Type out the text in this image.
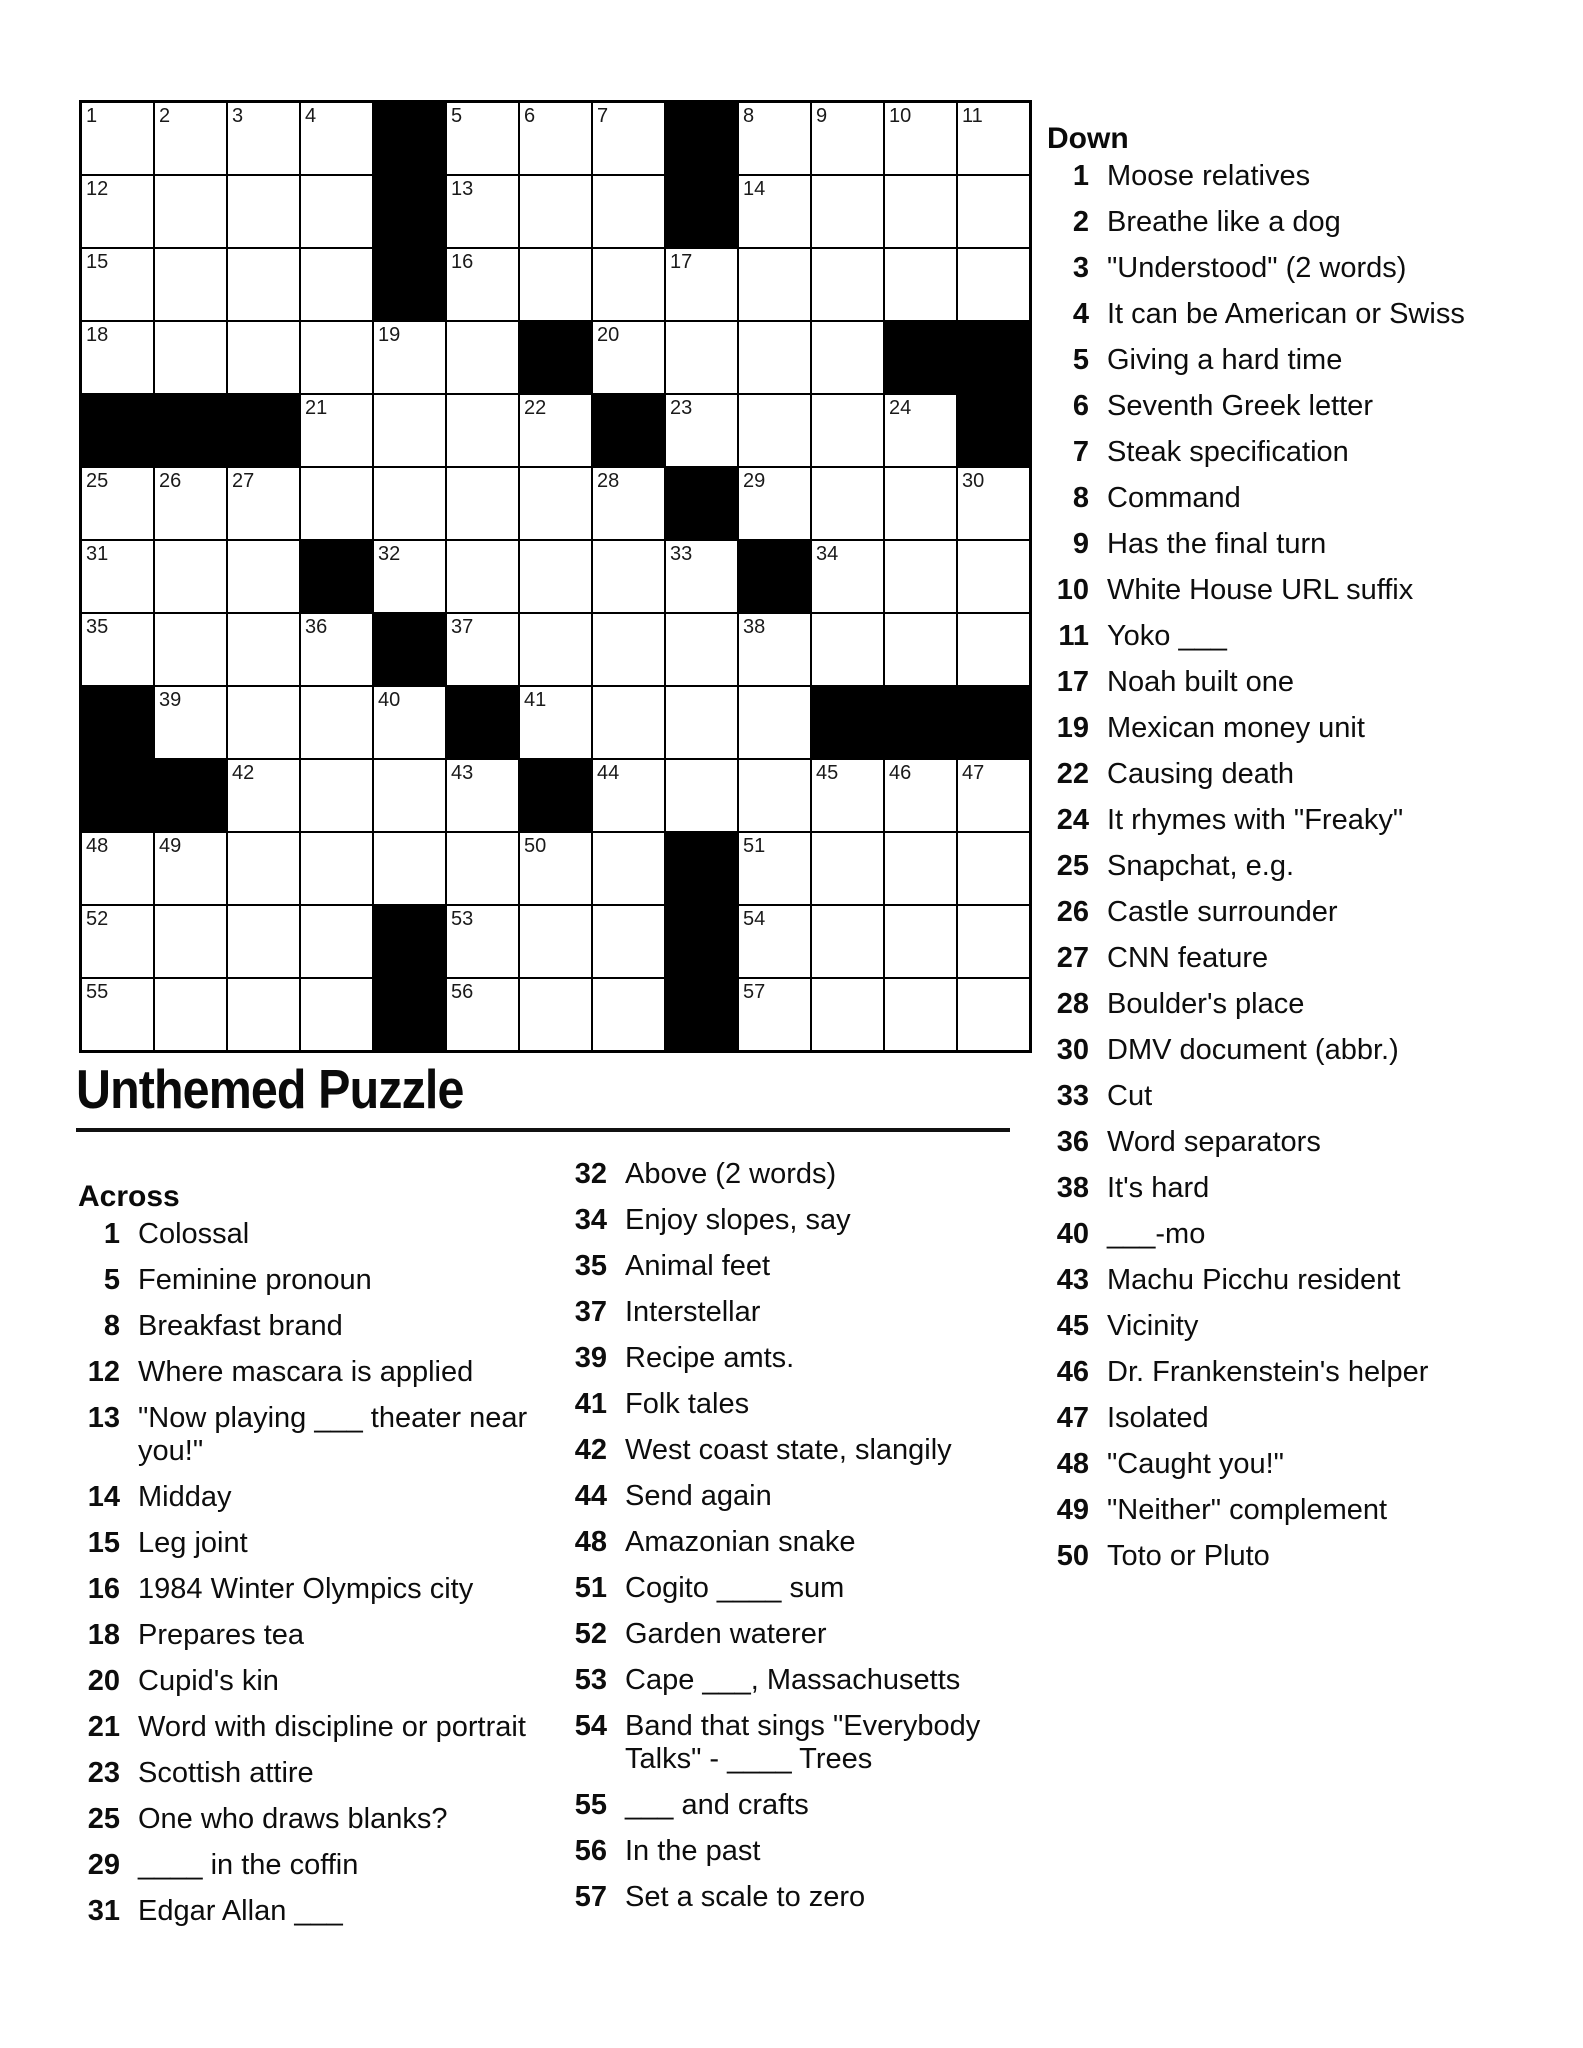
1	2	3	4	5	6	7	8	9	10	11
12	13	14
15	16	17
18	19	20
21	22	23	24
25	26	27	28	29	30
31	32	33	34
35	36	37	38
39	40	41
42	43	44	45	46	47
48	49	50	51
52	53	54
55	56	57
Unthemed Puzzle
Across
1 Colossal
5 Feminine pronoun
8 Breakfast brand
12 Where mascara is applied
13 "Now playing ___ theater near you!"
14 Midday
15 Leg joint
16 1984 Winter Olympics city
18 Prepares tea
20 Cupid's kin
21 Word with discipline or portrait
23 Scottish attire
25 One who draws blanks?
29 ____ in the coffin
31 Edgar Allan ___
32 Above (2 words)
34 Enjoy slopes, say
35 Animal feet
37 Interstellar
39 Recipe amts.
41 Folk tales
42 West coast state, slangily
44 Send again
48 Amazonian snake
51 Cogito ____ sum
52 Garden waterer
53 Cape ___, Massachusetts
54 Band that sings "Everybody Talks" - ____ Trees
55 ___ and crafts
56 In the past
57 Set a scale to zero
Down
1 Moose relatives
2 Breathe like a dog
3 "Understood" (2 words)
4 It can be American or Swiss
5 Giving a hard time
6 Seventh Greek letter
7 Steak specification
8 Command
9 Has the final turn
10 White House URL suffix
11 Yoko ___
17 Noah built one
19 Mexican money unit
22 Causing death
24 It rhymes with "Freaky"
25 Snapchat, e.g.
26 Castle surrounder
27 CNN feature
28 Boulder's place
30 DMV document (abbr.)
33 Cut
36 Word separators
38 It's hard
40 ___-mo
43 Machu Picchu resident
45 Vicinity
46 Dr. Frankenstein's helper
47 Isolated
48 "Caught you!"
49 "Neither" complement
50 Toto or Pluto
